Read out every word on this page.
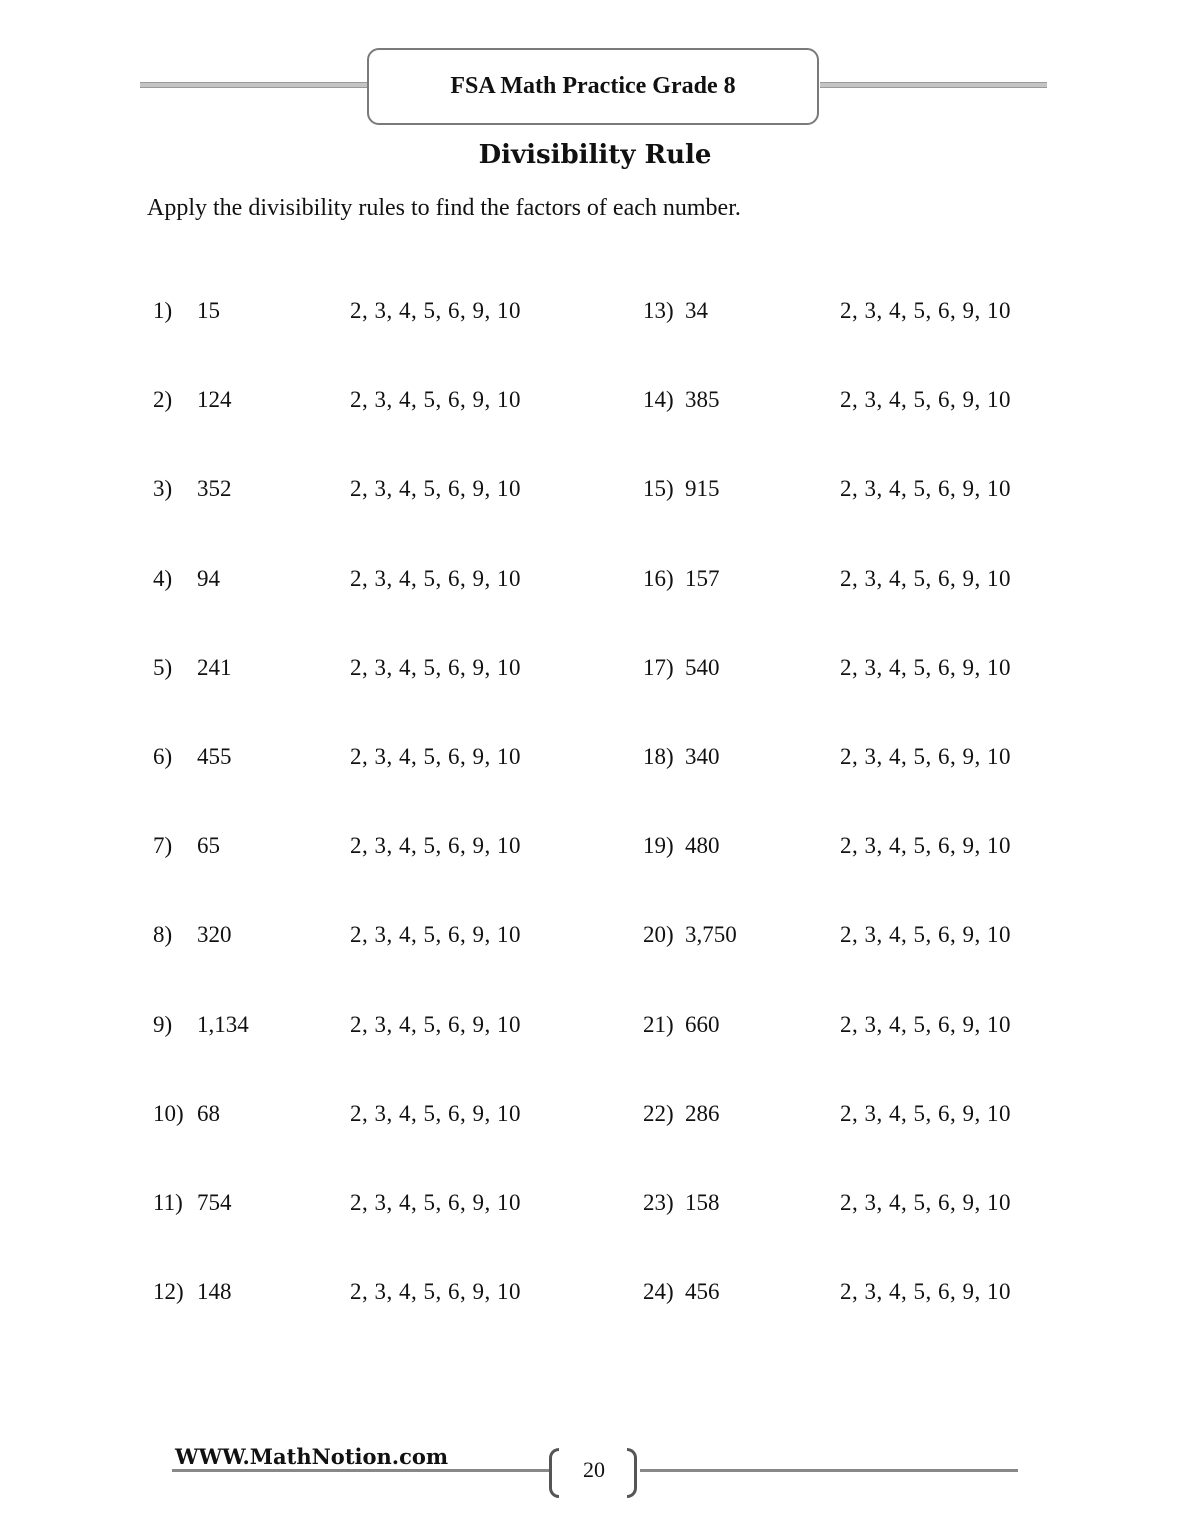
FSA Math Practice Grade 8
Divisibility Rule
Apply the divisibility rules to find the factors of each number.
1) 15	2, 3, 4, 5, 6, 9, 10
2) 124	2, 3, 4, 5, 6, 9, 10
3) 352	2, 3, 4, 5, 6, 9, 10
4) 94	2, 3, 4, 5, 6, 9, 10
5) 241	2, 3, 4, 5, 6, 9, 10
6) 455	2, 3, 4, 5, 6, 9, 10
7) 65	2, 3, 4, 5, 6, 9, 10
8) 320	2, 3, 4, 5, 6, 9, 10
9) 1,134	2, 3, 4, 5, 6, 9, 10
10) 68	2, 3, 4, 5, 6, 9, 10
11) 754	2, 3, 4, 5, 6, 9, 10
12) 148	2, 3, 4, 5, 6, 9, 10
13) 34	2, 3, 4, 5, 6, 9, 10
14) 385	2, 3, 4, 5, 6, 9, 10
15) 915	2, 3, 4, 5, 6, 9, 10
16) 157	2, 3, 4, 5, 6, 9, 10
17) 540	2, 3, 4, 5, 6, 9, 10
18) 340	2, 3, 4, 5, 6, 9, 10
19) 480	2, 3, 4, 5, 6, 9, 10
20) 3,750	2, 3, 4, 5, 6, 9, 10
21) 660	2, 3, 4, 5, 6, 9, 10
22) 286	2, 3, 4, 5, 6, 9, 10
23) 158	2, 3, 4, 5, 6, 9, 10
24) 456	2, 3, 4, 5, 6, 9, 10
WWW.MathNotion.com
20
